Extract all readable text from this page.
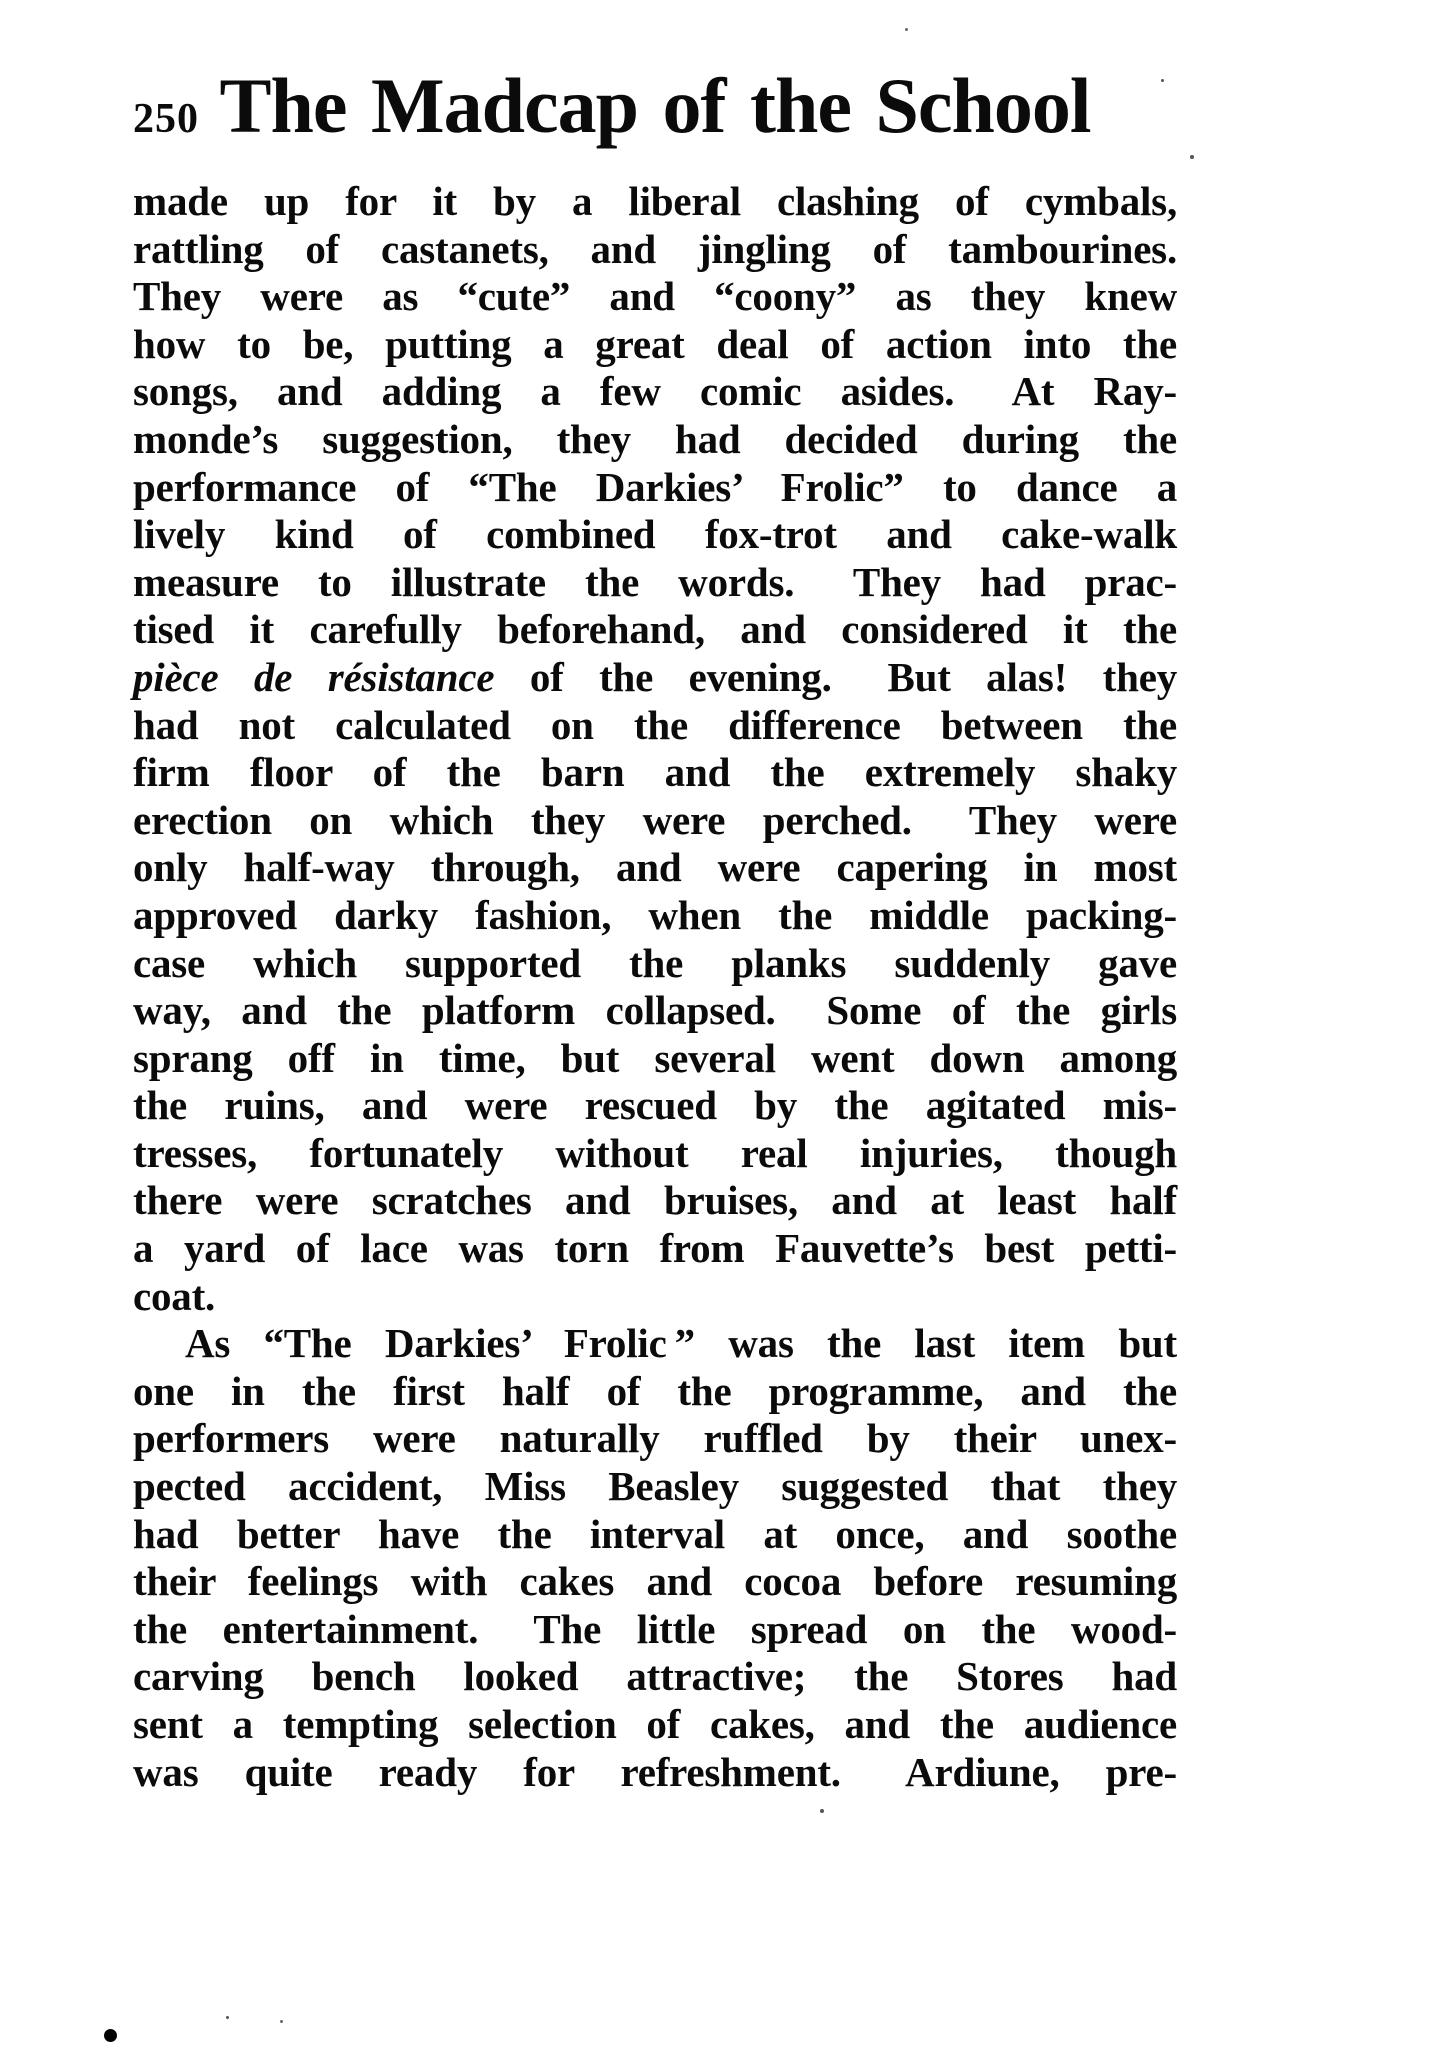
250 The Madcap of the School
made up for it by a liberal clashing of cymbals,
rattling of castanets, and jingling of tambourines.
They were as “cute” and “coony” as they knew
how to be, putting a great deal of action into the
songs, and adding a few comic asides.  At Ray-
monde’s suggestion, they had decided during the
performance of “The Darkies’ Frolic” to dance a
lively kind of combined fox-trot and cake-walk
measure to illustrate the words.  They had prac-
tised it carefully beforehand, and considered it the
pièce de résistance of the evening.  But alas! they
had not calculated on the difference between the
firm floor of the barn and the extremely shaky
erection on which they were perched.  They were
only half-way through, and were capering in most
approved darky fashion, when the middle packing-
case which supported the planks suddenly gave
way, and the platform collapsed.  Some of the girls
sprang off in time, but several went down among
the ruins, and were rescued by the agitated mis-
tresses, fortunately without real injuries, though
there were scratches and bruises, and at least half
a yard of lace was torn from Fauvette’s best petti-
coat.
As “The Darkies’ Frolic ” was the last item but
one in the first half of the programme, and the
performers were naturally ruffled by their unex-
pected accident, Miss Beasley suggested that they
had better have the interval at once, and soothe
their feelings with cakes and cocoa before resuming
the entertainment.  The little spread on the wood-
carving bench looked attractive; the Stores had
sent a tempting selection of cakes, and the audience
was quite ready for refreshment.  Ardiune, pre-
